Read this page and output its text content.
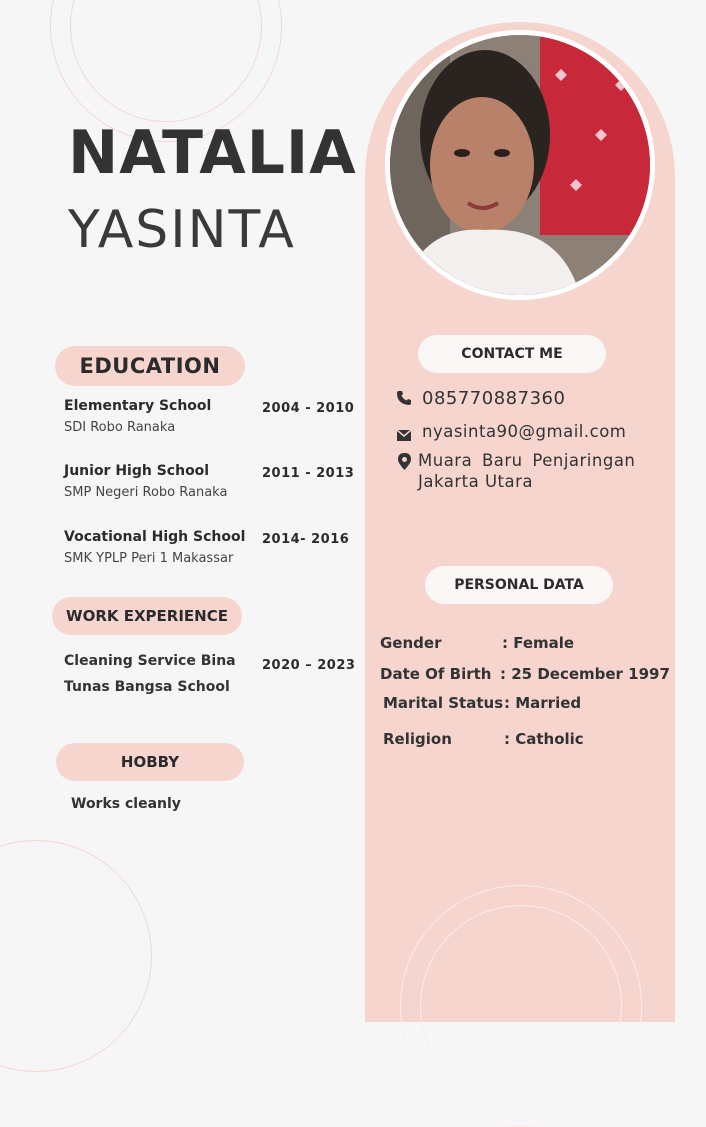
NATALIA
YASINTA
EDUCATION
Elementary School
SDI Robo Ranaka
2004 - 2010
Junior High School
SMP Negeri Robo Ranaka
2011 - 2013
Vocational High School
SMK YPLP Peri 1 Makassar
2014- 2016
WORK EXPERIENCE
Cleaning Service Bina
Tunas Bangsa School
2020 – 2023
HOBBY
Works cleanly
CONTACT ME
085770887360
nyasinta90@gmail.com
Muara Baru Penjaringan
Jakarta Utara
PERSONAL DATA
Gender	: Female
Date Of Birth : 25 December 1997
Marital Status : Married
Religion	: Catholic
